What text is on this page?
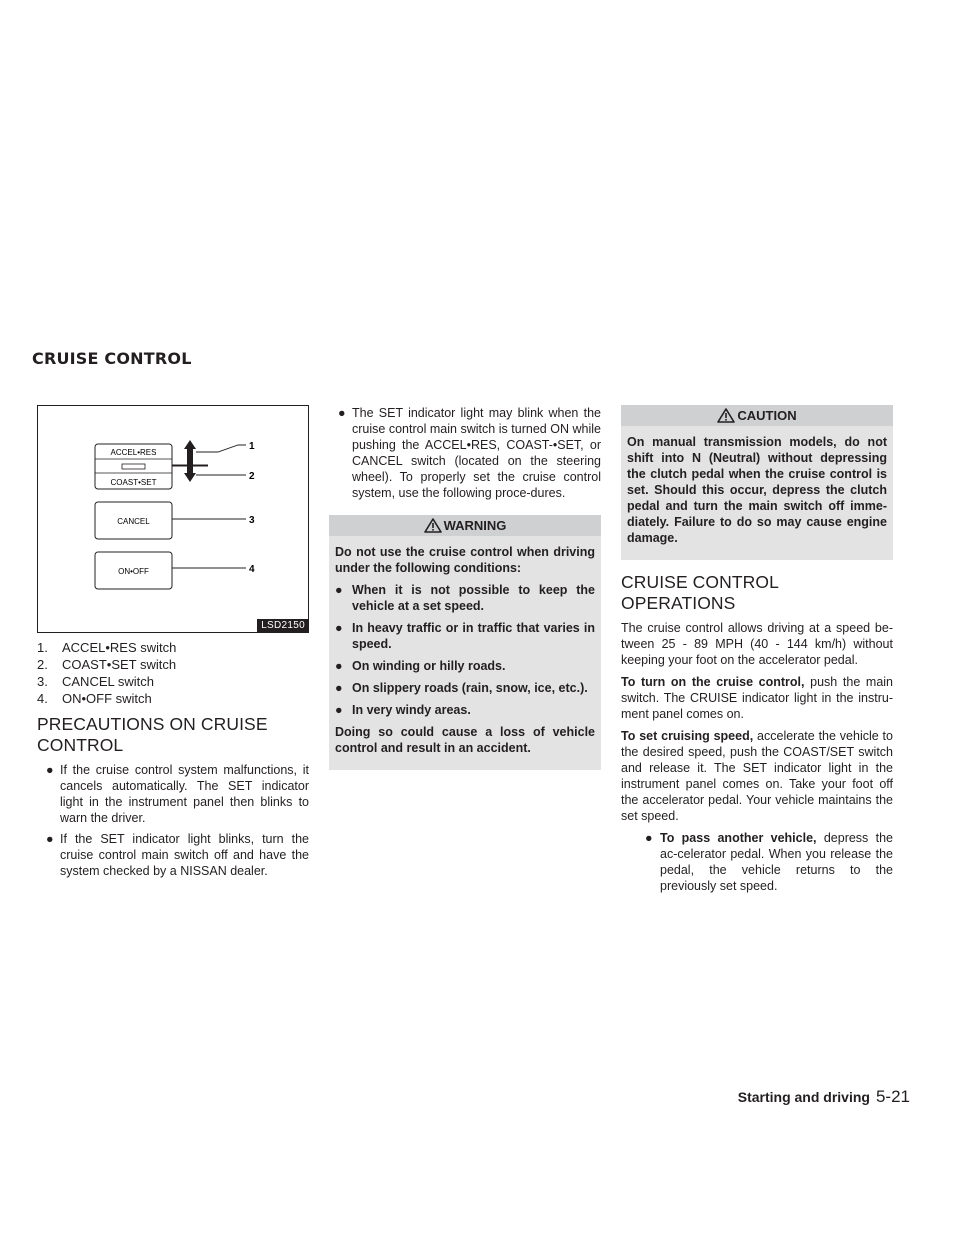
CRUISE CONTROL
ACCEL•RES
COAST•SET
CANCEL
ON•OFF
1
2
3
4
LSD2150
1.	ACCEL•RES switch
2.	COAST•SET switch
3.	CANCEL switch
4.	ON•OFF switch
PRECAUTIONS ON CRUISE
CONTROL
● If the cruise control system malfunctions, it cancels automatically. The SET indicator light in the instrument panel then blinks to warn the driver.
● If the SET indicator light blinks, turn the cruise control main switch off and have the system checked by a NISSAN dealer.
● The SET indicator light may blink when the cruise control main switch is turned ON while pushing the ACCEL•RES, COAST-•SET, or CANCEL switch (located on the steering wheel). To properly set the cruise control system, use the following proce-dures.
WARNING

Do not use the cruise control when driving under the following conditions:

● When it is not possible to keep the vehicle at a set speed.
● In heavy traffic or in traffic that varies in speed.
● On winding or hilly roads.
● On slippery roads (rain, snow, ice, etc.).
● In very windy areas.

Doing so could cause a loss of vehicle control and result in an accident.

CAUTION

On manual transmission models, do not shift into N (Neutral) without depressing the clutch pedal when the cruise control is set. Should this occur, depress the clutch pedal and turn the main switch off imme-diately. Failure to do so may cause engine damage.

CRUISE CONTROL OPERATIONS

The cruise control allows driving at a speed be-tween 25 - 89 MPH (40 - 144 km/h) without keeping your foot on the accelerator pedal.

To turn on the cruise control, push the main switch. The CRUISE indicator light in the instru-ment panel comes on.

To set cruising speed, accelerate the vehicle to the desired speed, push the COAST/SET switch and release it. The SET indicator light in the instrument panel comes on. Take your foot off the accelerator pedal. Your vehicle maintains the set speed.

● To pass another vehicle, depress the ac-celerator pedal. When you release the pedal, the vehicle returns to the previously set speed.
Starting and driving 5-21
